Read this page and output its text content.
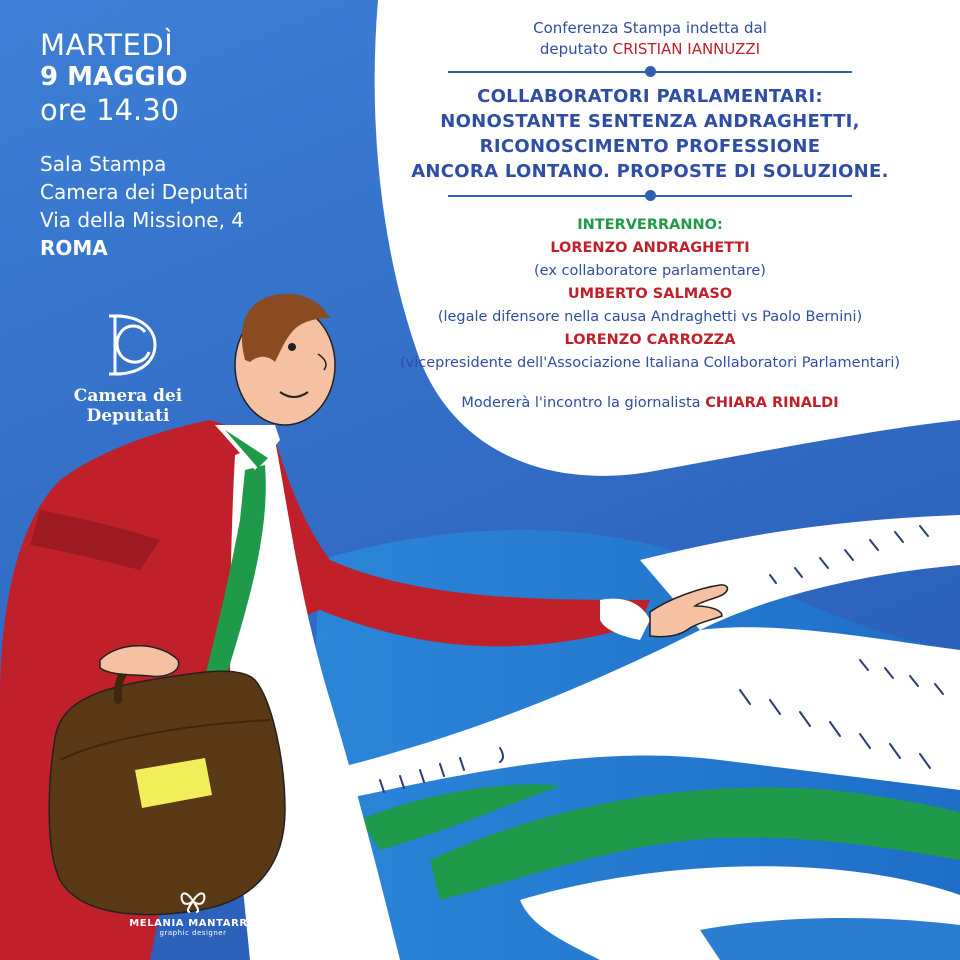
MARTEDÌ
9 MAGGIO
ore 14.30
Sala Stampa
Camera dei Deputati
Via della Missione, 4
ROMA
Camera dei Deputati
Conferenza Stampa indetta dal
deputato CRISTIAN IANNUZZI
COLLABORATORI PARLAMENTARI:
NONOSTANTE SENTENZA ANDRAGHETTI,
RICONOSCIMENTO PROFESSIONE
ANCORA LONTANO. PROPOSTE DI SOLUZIONE.
INTERVERRANNO:
LORENZO ANDRAGHETTI
(ex collaboratore parlamentare)
UMBERTO SALMASO
(legale difensore nella causa Andraghetti vs Paolo Bernini)
LORENZO CARROZZA
(vicepresidente dell'Associazione Italiana Collaboratori Parlamentari)
Modererà l'incontro la giornalista CHIARA RINALDI
MELANIA MANTARRO
graphic designer
